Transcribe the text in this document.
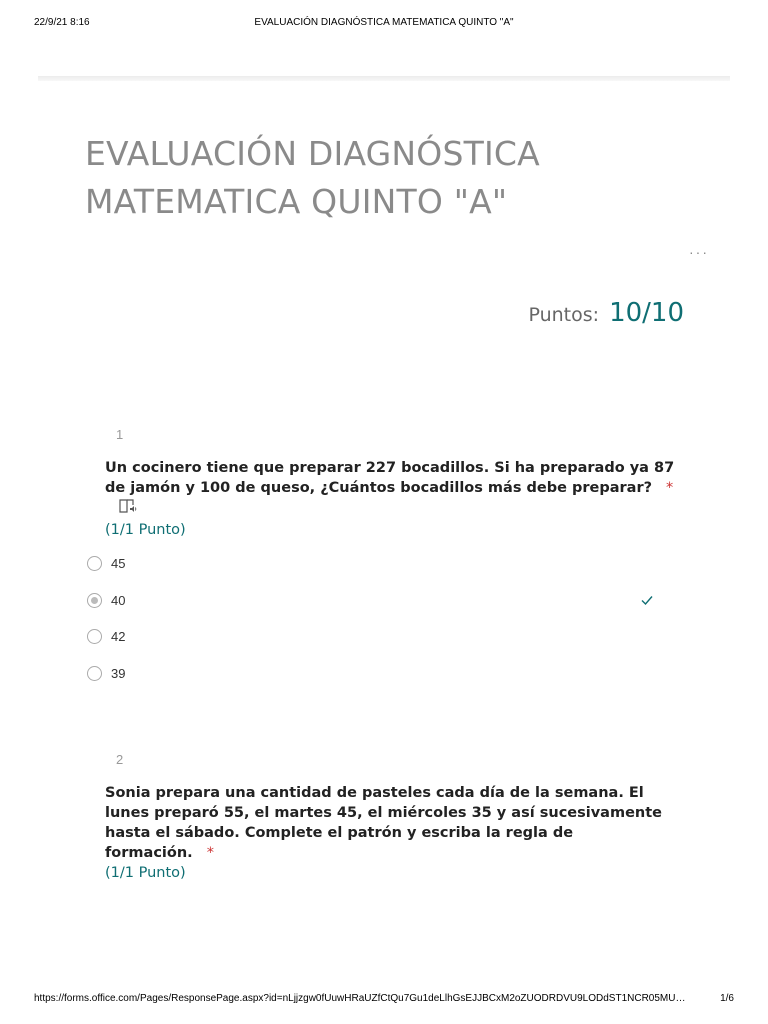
22/9/21 8:16	EVALUACIÓN DIAGNÓSTICA MATEMATICA QUINTO "A"
EVALUACIÓN DIAGNÓSTICA MATEMATICA QUINTO "A"
···
Puntos: 10/10
1
Un cocinero tiene que preparar 227 bocadillos. Si ha preparado ya 87 de jamón y 100 de queso, ¿Cuántos bocadillos más debe preparar? *
(1/1 Punto)
45
40
42
39
2
Sonia prepara una cantidad de pasteles cada día de la semana. El lunes preparó 55, el martes 45, el miércoles 35 y así sucesivamente hasta el sábado. Complete el patrón y escriba la regla de formación. *
(1/1 Punto)
https://forms.office.com/Pages/ResponsePage.aspx?id=nLjjzgw0fUuwHRaUZfCtQu7Gu1deLlhGsEJJBCxM2oZUODRDVU9LODdST1NCR05MU…	1/6
